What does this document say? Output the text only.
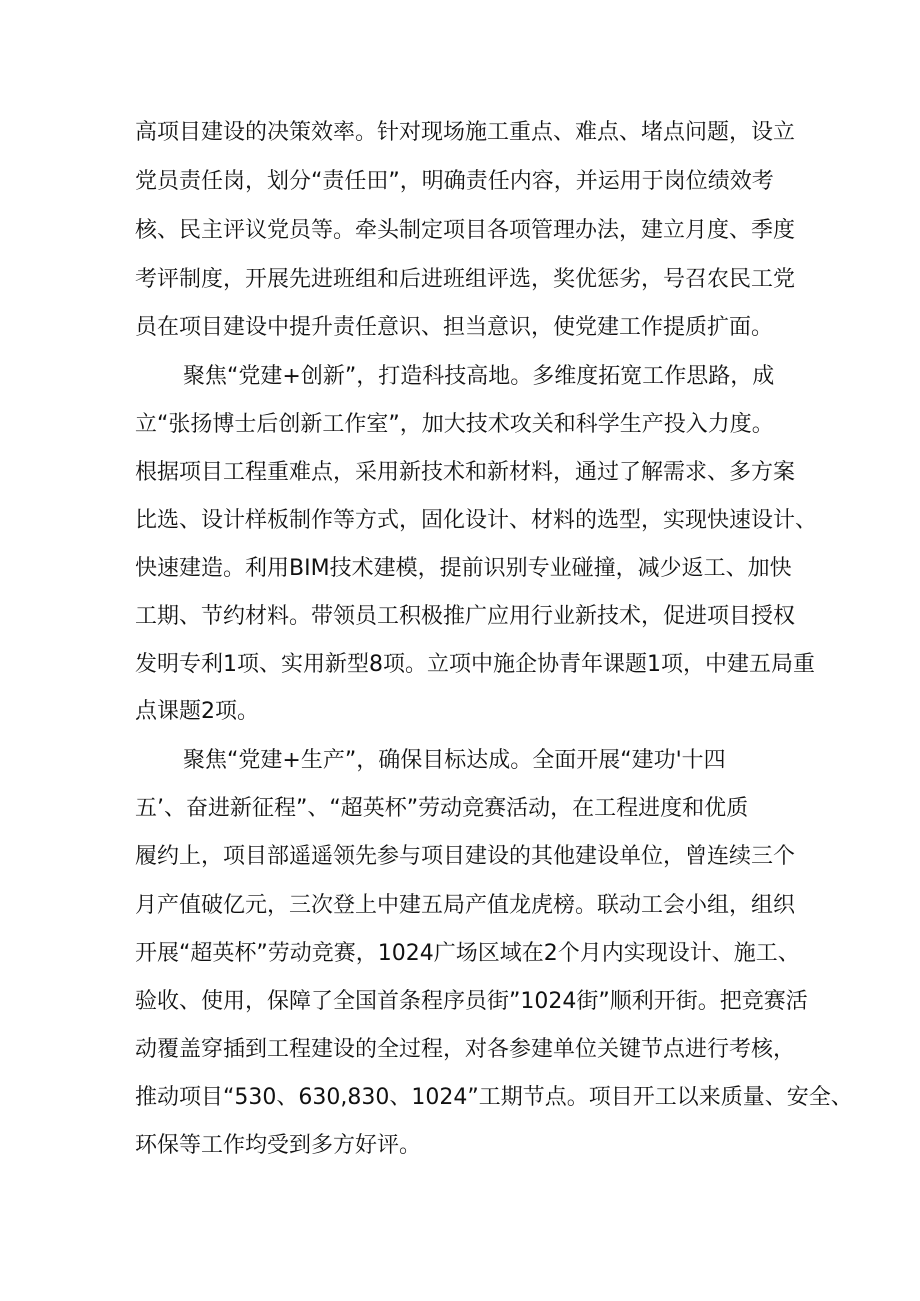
高项目建设的决策效率。针对现场施工重点、难点、堵点问题，设立

党员责任岗，划分“责任田”，明确责任内容，并运用于岗位绩效考

核、民主评议党员等。牵头制定项目各项管理办法，建立月度、季度

考评制度，开展先进班组和后进班组评选，奖优惩劣，号召农民工党

员在项目建设中提升责任意识、担当意识，使党建工作提质扩面。

聚焦“党建+创新”，打造科技高地。多维度拓宽工作思路，成

立“张扬博士后创新工作室”，加大技术攻关和科学生产投入力度。

根据项目工程重难点，采用新技术和新材料，通过了解需求、多方案

比选、设计样板制作等方式，固化设计、材料的选型，实现快速设计、

快速建造。利用BIM技术建模，提前识别专业碰撞，减少返工、加快

工期、节约材料。带领员工积极推广应用行业新技术，促进项目授权

发明专利1项、实用新型8项。立项中施企协青年课题1项，中建五局重

点课题2项。

聚焦“党建+生产”，确保目标达成。全面开展“建功'十四

五’、奋进新征程”、“超英杯”劳动竞赛活动，在工程进度和优质

履约上，项目部遥遥领先参与项目建设的其他建设单位，曾连续三个

月产值破亿元，三次登上中建五局产值龙虎榜。联动工会小组，组织

开展“超英杯”劳动竞赛，1024广场区域在2个月内实现设计、施工、

验收、使用，保障了全国首条程序员街”1024街”顺利开街。把竞赛活

动覆盖穿插到工程建设的全过程，对各参建单位关键节点进行考核，

推动项目“530、630,830、1024”工期节点。项目开工以来质量、安全、

环保等工作均受到多方好评。
